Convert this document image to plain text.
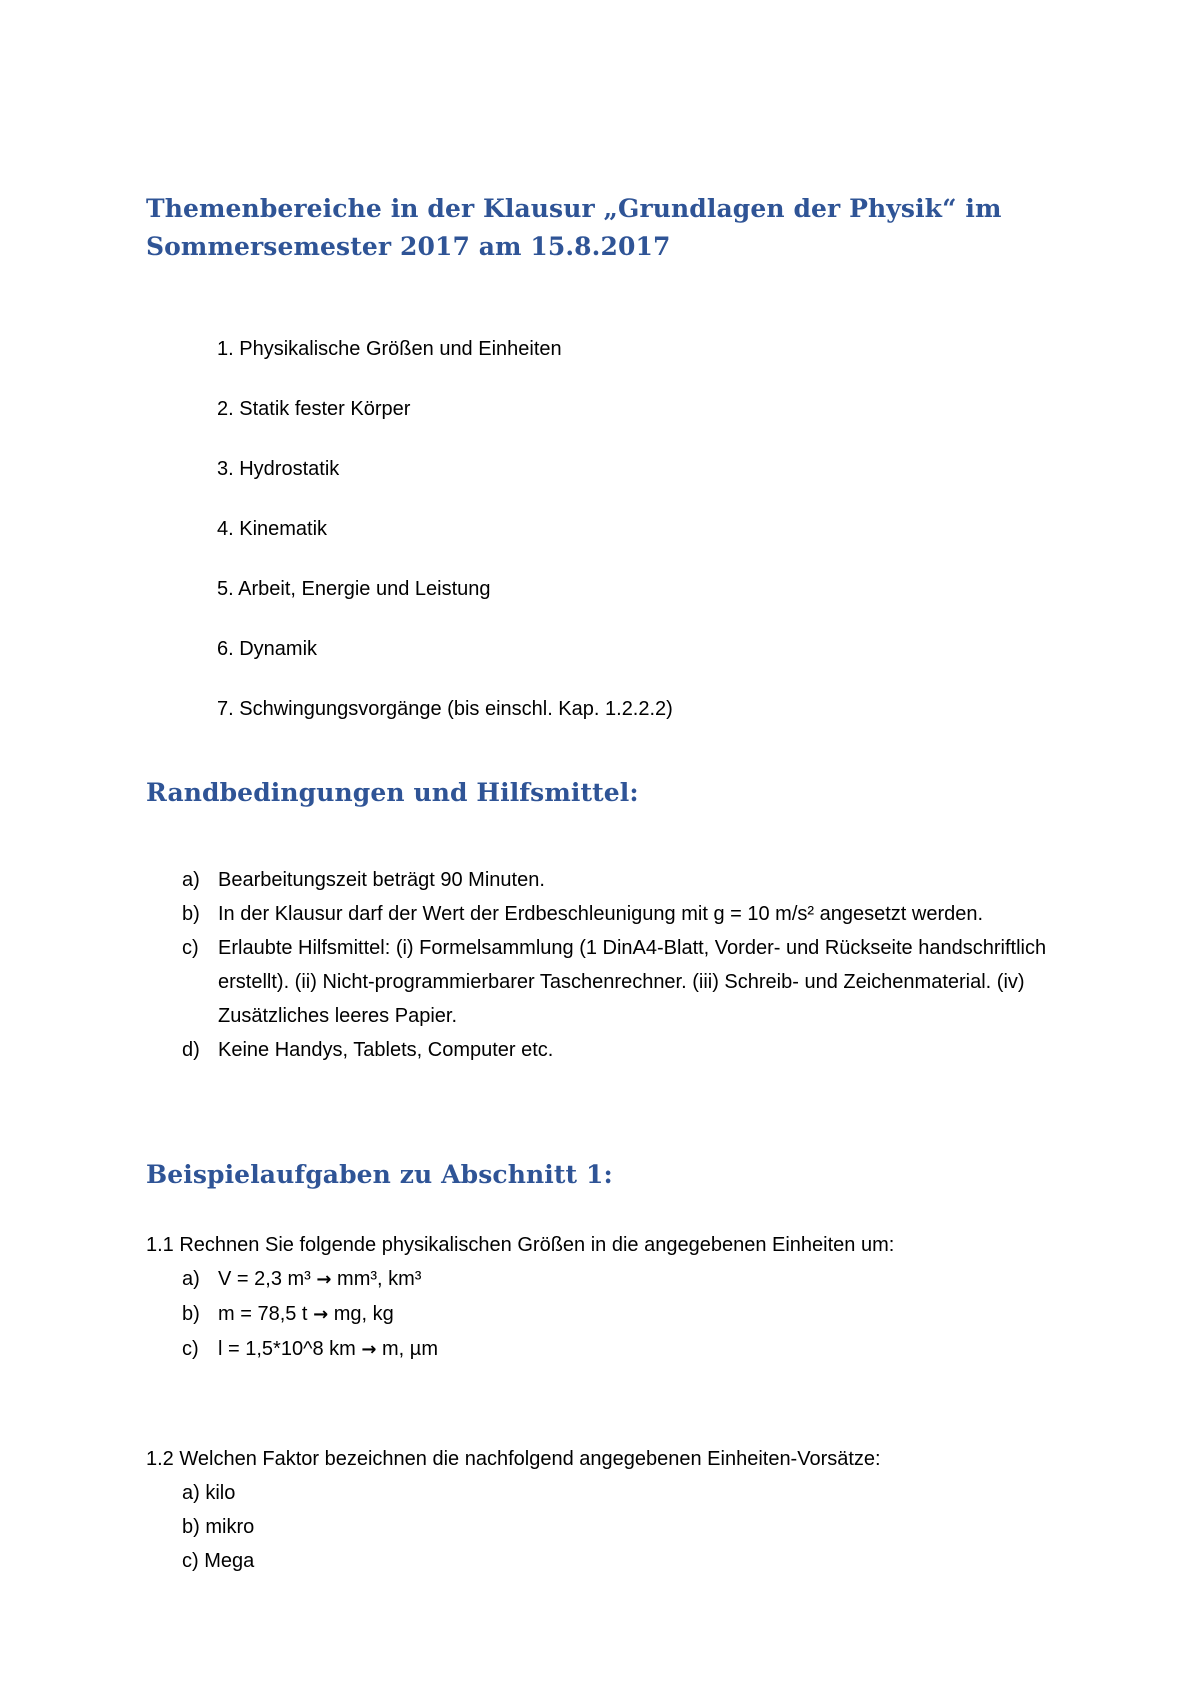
Themenbereiche in der Klausur „Grundlagen der Physik“ im
Sommersemester 2017 am 15.8.2017
1. Physikalische Größen und Einheiten
2. Statik fester Körper
3. Hydrostatik
4. Kinematik
5. Arbeit, Energie und Leistung
6. Dynamik
7. Schwingungsvorgänge (bis einschl. Kap. 1.2.2.2)
Randbedingungen und Hilfsmittel:
a) Bearbeitungszeit beträgt 90 Minuten.
b) In der Klausur darf der Wert der Erdbeschleunigung mit g = 10 m/s² angesetzt werden.
c) Erlaubte Hilfsmittel: (i) Formelsammlung (1 DinA4-Blatt, Vorder- und Rückseite handschriftlich erstellt). (ii) Nicht-programmierbarer Taschenrechner. (iii) Schreib- und Zeichenmaterial. (iv) Zusätzliches leeres Papier.
d) Keine Handys, Tablets, Computer etc.
Beispielaufgaben zu Abschnitt 1:

1.1 Rechnen Sie folgende physikalischen Größen in die angegebenen Einheiten um:

a) V = 2,3 m³ → mm³, km³
b) m = 78,5 t → mg, kg
c) l = 1,5*10^8 km → m, µm

1.2 Welchen Faktor bezeichnen die nachfolgend angegebenen Einheiten-Vorsätze:

a) kilo
b) mikro
c) Mega
